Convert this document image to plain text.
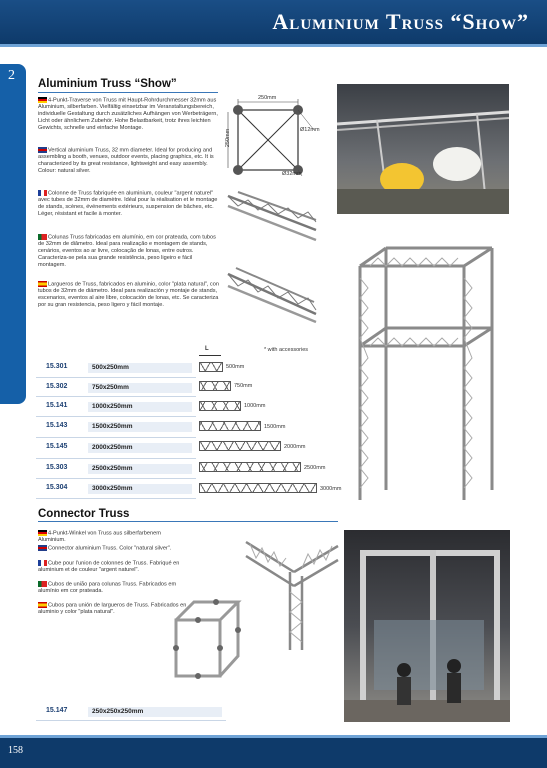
Aluminium Truss “Show”
2
Aluminium Truss “Show”
4-Punkt-Traverse von Truss mit Haupt-Rohrdurchmesser 32mm aus Aluminium, silberfarben. Vielfältig einsetzbar im Veranstaltungsbereich, individuelle Gestaltung durch zusätzliches Aufhängen von Werbeträgern, Licht oder ähnlichem Zubehör. Hohe Belastbarkeit, trotz ihres leichten Gewichts, schnelle und einfache Montage.
Vertical aluminium Truss, 32 mm diameter. Ideal for producing and assembling a booth, venues, outdoor events, placing graphics, etc. It is characterized by its great resistance, lightweight and easy assembly. Colour: natural silver.
Colonne de Truss fabriquée en aluminium, couleur "argent naturel" avec tubes de 32mm de diamètre. Idéal pour la réalisation et le montage de stands, scènes, événements extérieurs, suspension de bâches, etc. Léger, résistant et facile à monter.
Colunas Truss fabricadas em alumínio, em cor prateada, com tubos de 32mm de diâmetro. Ideal para realização e montagem de stands, cenários, eventos ao ar livre, colocação de lonas, entre outros. Caracteriza-se pela sua grande resistência, peso ligeiro e fácil montagem.
Largueros de Truss, fabricados en aluminio, color "plata natural", con tubos de 32mm de diámetro. Ideal para realización y montaje de stands, escenarios, eventos al aire libre, colocación de lonas, etc. Se caracteriza por su gran resistencia, peso ligero y fácil montaje.
250mm
250mm	Ø12mm
Ø32mm
* with accessories
L
15.301	500x250mm
15.302	750x250mm
15.141	1000x250mm
15.143	1500x250mm
15.145	2000x250mm
15.303	2500x250mm
15.304	3000x250mm
500mm
750mm
1000mm
1500mm
2000mm
2500mm
3000mm
Connector Truss
4-Punkt-Winkel von Truss aus silberfarbenem Aluminium.
Connector aluminium Truss. Color "natural silver".
Cube pour l'union de colonnes de Truss. Fabriqué en aluminium et de couleur "argent naturel".
Cubos de união para colunas Truss. Fabricados em alumínio em cor prateada.
Cubos para unión de largueros de Truss. Fabricados en aluminio y color "plata natural".
15.147	250x250x250mm
158
